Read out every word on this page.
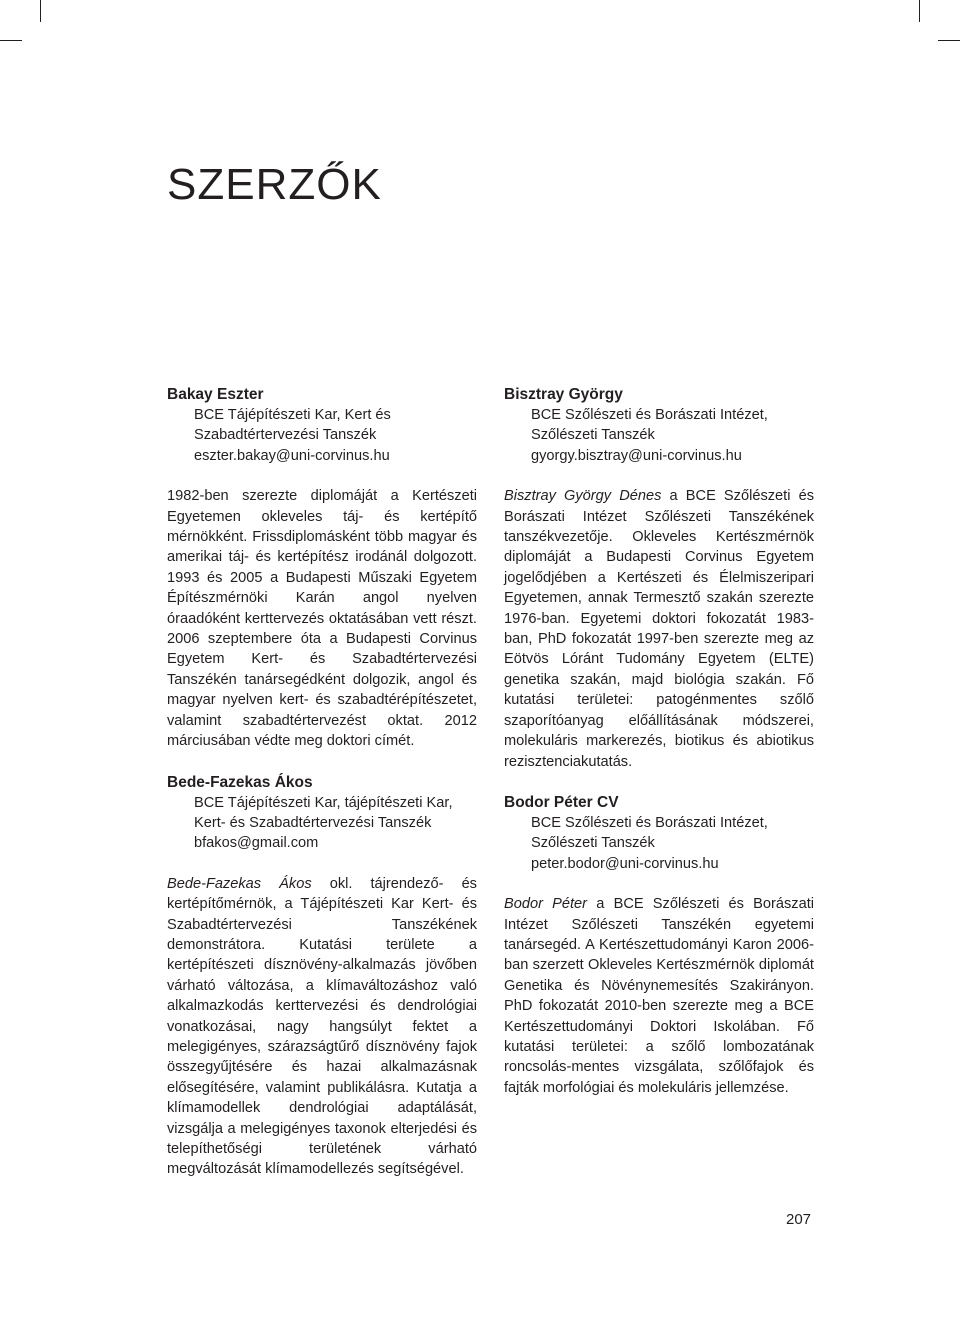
SZERZŐK
Bakay Eszter
BCE Tájépítészeti Kar, Kert és
Szabadtértervezési Tanszék
eszter.bakay@uni-corvinus.hu

1982-ben szerezte diplomáját a Kertészeti Egyetemen okleveles táj- és kertépítő mérnökként. Frissdiplomásként több magyar és amerikai táj- és kertépítész irodánál dolgozott. 1993 és 2005 a Budapesti Műszaki Egyetem Építészmérnöki Karán angol nyelven óraadóként kerttervezés oktatásában vett részt. 2006 szeptembere óta a Budapesti Corvinus Egyetem Kert- és Szabadtértervezési Tanszékén tanársegédként dolgozik, angol és magyar nyelven kert- és szabadtérépítészetet, valamint szabadtértervezést oktat. 2012 márciusában védte meg doktori címét.

Bede-Fazekas Ákos
BCE Tájépítészeti Kar, tájépítészeti Kar,
Kert- és Szabadtértervezési Tanszék
bfakos@gmail.com

Bede-Fazekas Ákos okl. tájrendező- és kertépítőmérnök, a Tájépítészeti Kar Kert- és Szabadtértervezési Tanszékének demonstrátora. Kutatási területe a kertépítészeti dísznövény-alkalmazás jövőben várható változása, a klímaváltozáshoz való alkalmazkodás kerttervezési és dendrológiai vonatkozásai, nagy hangsúlyt fektet a melegigényes, szárazságtűrő dísznövény fajok összegyűjtésére és hazai alkalmazásnak elősegítésére, valamint publikálásra. Kutatja a klímamodellek dendrológiai adaptálását, vizsgálja a melegigényes taxonok elterjedési és telepíthetőségi területének várható megváltozását klímamodellezés segítségével.

Bisztray György
BCE Szőlészeti és Borászati Intézet,
Szőlészeti Tanszék
gyorgy.bisztray@uni-corvinus.hu

Bisztray György Dénes a BCE Szőlészeti és Borászati Intézet Szőlészeti Tanszékének tanszékvezetője. Okleveles Kertészmérnök diplomáját a Budapesti Corvinus Egyetem jogelődjében a Kertészeti és Élelmiszeripari Egyetemen, annak Termesztő szakán szerezte 1976-ban. Egyetemi doktori fokozatát 1983-ban, PhD fokozatát 1997-ben szerezte meg az Eötvös Lóránt Tudomány Egyetem (ELTE) genetika szakán, majd biológia szakán. Fő kutatási területei: patogénmentes szőlő szaporítóanyag előállításának módszerei, molekuláris markerezés, biotikus és abiotikus rezisztenciakutatás.

Bodor Péter CV
BCE Szőlészeti és Borászati Intézet,
Szőlészeti Tanszék
peter.bodor@uni-corvinus.hu

Bodor Péter a BCE Szőlészeti és Borászati Intézet Szőlészeti Tanszékén egyetemi tanársegéd. A Kertészettudományi Karon 2006-ban szerzett Okleveles Kertészmérnök diplomát Genetika és Növénynemesítés Szakirányon. PhD fokozatát 2010-ben szerezte meg a BCE Kertészettudományi Doktori Iskolában. Fő kutatási területei: a szőlő lombozatának roncsolás-mentes vizsgálata, szőlőfajok és fajták morfológiai és molekuláris jellemzése.

207
